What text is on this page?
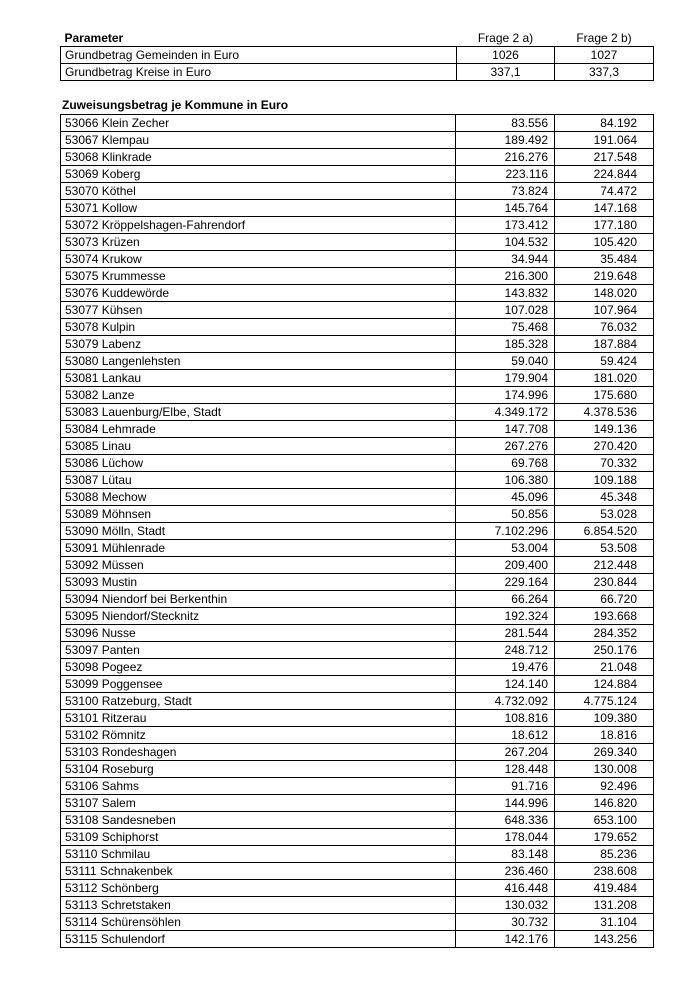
Parameter	Frage 2 a)	Frage 2 b)
Grundbetrag Gemeinden in Euro	1026	1027
Grundbetrag Kreise in Euro	337,1	337,3
Zuweisungsbetrag je Kommune in Euro
53066 Klein Zecher	83.556	84.192
53067 Klempau	189.492	191.064
53068 Klinkrade	216.276	217.548
53069 Koberg	223.116	224.844
53070 Köthel	73.824	74.472
53071 Kollow	145.764	147.168
53072 Kröppelshagen-Fahrendorf	173.412	177.180
53073 Krüzen	104.532	105.420
53074 Krukow	34.944	35.484
53075 Krummesse	216.300	219.648
53076 Kuddewörde	143.832	148.020
53077 Kühsen	107.028	107.964
53078 Kulpin	75.468	76.032
53079 Labenz	185.328	187.884
53080 Langenlehsten	59.040	59.424
53081 Lankau	179.904	181.020
53082 Lanze	174.996	175.680
53083 Lauenburg/Elbe, Stadt	4.349.172	4.378.536
53084 Lehmrade	147.708	149.136
53085 Linau	267.276	270.420
53086 Lüchow	69.768	70.332
53087 Lütau	106.380	109.188
53088 Mechow	45.096	45.348
53089 Möhnsen	50.856	53.028
53090 Mölln, Stadt	7.102.296	6.854.520
53091 Mühlenrade	53.004	53.508
53092 Müssen	209.400	212.448
53093 Mustin	229.164	230.844
53094 Niendorf bei Berkenthin	66.264	66.720
53095 Niendorf/Stecknitz	192.324	193.668
53096 Nusse	281.544	284.352
53097 Panten	248.712	250.176
53098 Pogeez	19.476	21.048
53099 Poggensee	124.140	124.884
53100 Ratzeburg, Stadt	4.732.092	4.775.124
53101 Ritzerau	108.816	109.380
53102 Römnitz	18.612	18.816
53103 Rondeshagen	267.204	269.340
53104 Roseburg	128.448	130.008
53106 Sahms	91.716	92.496
53107 Salem	144.996	146.820
53108 Sandesneben	648.336	653.100
53109 Schiphorst	178.044	179.652
53110 Schmilau	83.148	85.236
53111 Schnakenbek	236.460	238.608
53112 Schönberg	416.448	419.484
53113 Schretstaken	130.032	131.208
53114 Schürensöhlen	30.732	31.104
53115 Schulendorf	142.176	143.256
